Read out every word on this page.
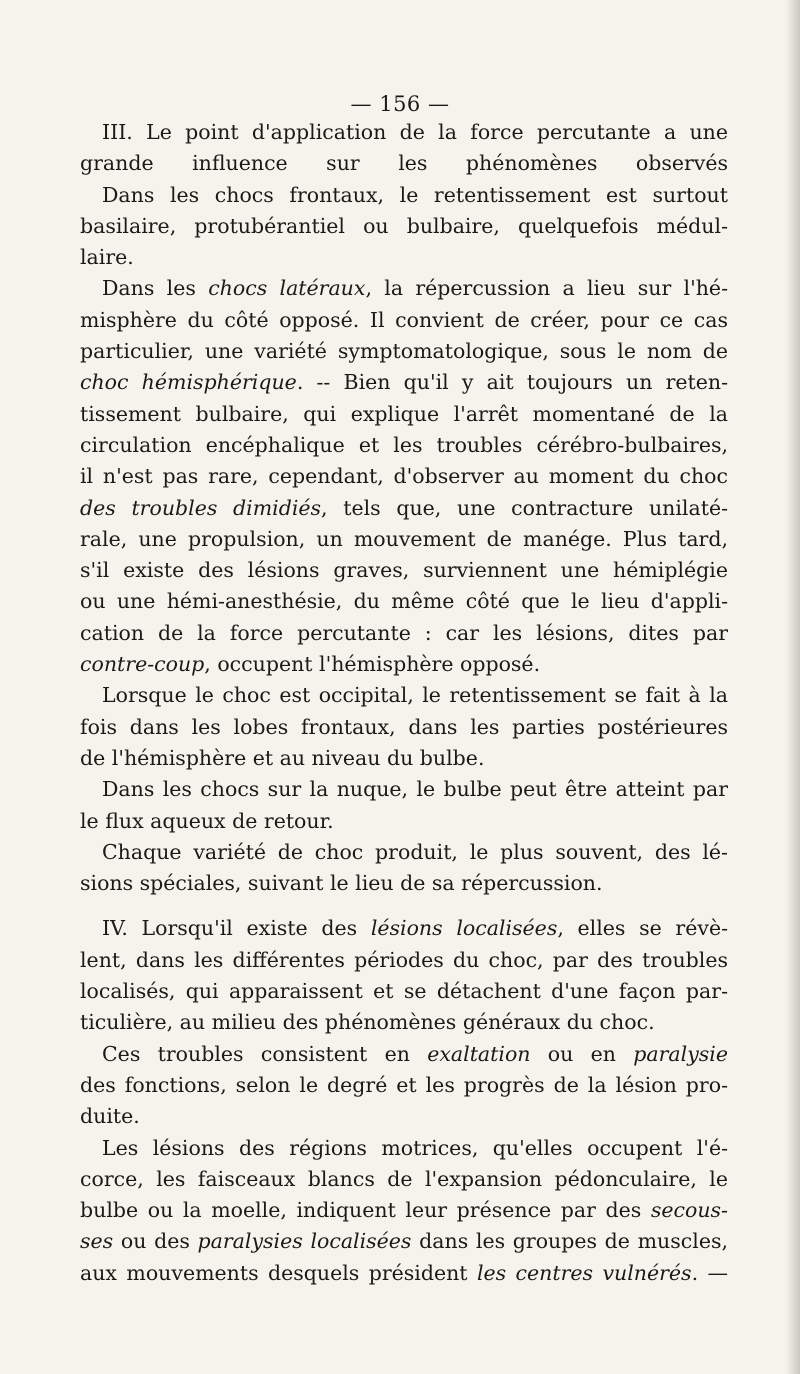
— 156 —
III. Le point d'application de la force percutante a une
grande influence sur les phénomènes observés
Dans les chocs frontaux, le retentissement est surtout
basilaire, protubérantiel ou bulbaire, quelquefois médul-
laire.
Dans les chocs latéraux, la répercussion a lieu sur l'hé-
misphère du côté opposé. Il convient de créer, pour ce cas
particulier, une variété symptomatologique, sous le nom de
choc hémisphérique. -- Bien qu'il y ait toujours un reten-
tissement bulbaire, qui explique l'arrêt momentané de la
circulation encéphalique et les troubles cérébro-bulbaires,
il n'est pas rare, cependant, d'observer au moment du choc
des troubles dimidiés, tels que, une contracture unilaté-
rale, une propulsion, un mouvement de manége. Plus tard,
s'il existe des lésions graves, surviennent une hémiplégie
ou une hémi-anesthésie, du même côté que le lieu d'appli-
cation de la force percutante : car les lésions, dites par
contre-coup, occupent l'hémisphère opposé.
Lorsque le choc est occipital, le retentissement se fait à la
fois dans les lobes frontaux, dans les parties postérieures
de l'hémisphère et au niveau du bulbe.
Dans les chocs sur la nuque, le bulbe peut être atteint par
le flux aqueux de retour.
Chaque variété de choc produit, le plus souvent, des lé-
sions spéciales, suivant le lieu de sa répercussion.
IV. Lorsqu'il existe des lésions localisées, elles se révè-
lent, dans les différentes périodes du choc, par des troubles
localisés, qui apparaissent et se détachent d'une façon par-
ticulière, au milieu des phénomènes généraux du choc.
Ces troubles consistent en exaltation ou en paralysie
des fonctions, selon le degré et les progrès de la lésion pro-
duite.
Les lésions des régions motrices, qu'elles occupent l'é-
corce, les faisceaux blancs de l'expansion pédonculaire, le
bulbe ou la moelle, indiquent leur présence par des secous-
ses ou des paralysies localisées dans les groupes de muscles,
aux mouvements desquels président les centres vulnérés. —
